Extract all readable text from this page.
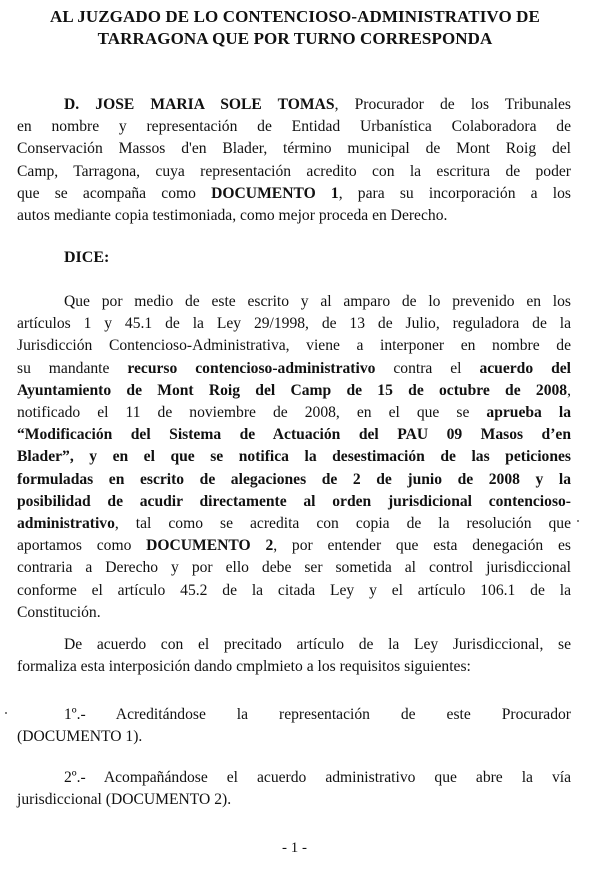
AL JUZGADO DE LO CONTENCIOSO-ADMINISTRATIVO DE
TARRAGONA QUE POR TURNO CORRESPONDA
D. JOSE MARIA SOLE TOMAS, Procurador de los Tribunales
en nombre y representación de Entidad Urbanística Colaboradora de
Conservación Massos d'en Blader, término municipal de Mont Roig del
Camp, Tarragona, cuya representación acredito con la escritura de poder
que se acompaña como DOCUMENTO 1, para su incorporación a los
autos mediante copia testimoniada, como mejor proceda en Derecho.
DICE:
Que por medio de este escrito y al amparo de lo prevenido en los
artículos 1 y 45.1 de la Ley 29/1998, de 13 de Julio, reguladora de la
Jurisdicción Contencioso-Administrativa, viene a interponer en nombre de
su mandante recurso contencioso-administrativo contra el acuerdo del
Ayuntamiento de Mont Roig del Camp de 15 de octubre de 2008,
notificado el 11 de noviembre de 2008, en el que se aprueba la
“Modificación del Sistema de Actuación del PAU 09 Masos d’en
Blader”, y en el que se notifica la desestimación de las peticiones
formuladas en escrito de alegaciones de 2 de junio de 2008 y la
posibilidad de acudir directamente al orden jurisdicional contencioso-
administrativo, tal como se acredita con copia de la resolución que
aportamos como DOCUMENTO 2, por entender que esta denegación es
contraria a Derecho y por ello debe ser sometida al control jurisdiccional
conforme el artículo 45.2 de la citada Ley y el artículo 106.1 de la
Constitución.
De acuerdo con el precitado artículo de la Ley Jurisdiccional, se
formaliza esta interposición dando cmplmieto a los requisitos siguientes:
1º.- Acreditándose la representación de este Procurador
(DOCUMENTO 1).
2º.- Acompañándose el acuerdo administrativo que abre la vía
jurisdiccional (DOCUMENTO 2).
- 1 -
